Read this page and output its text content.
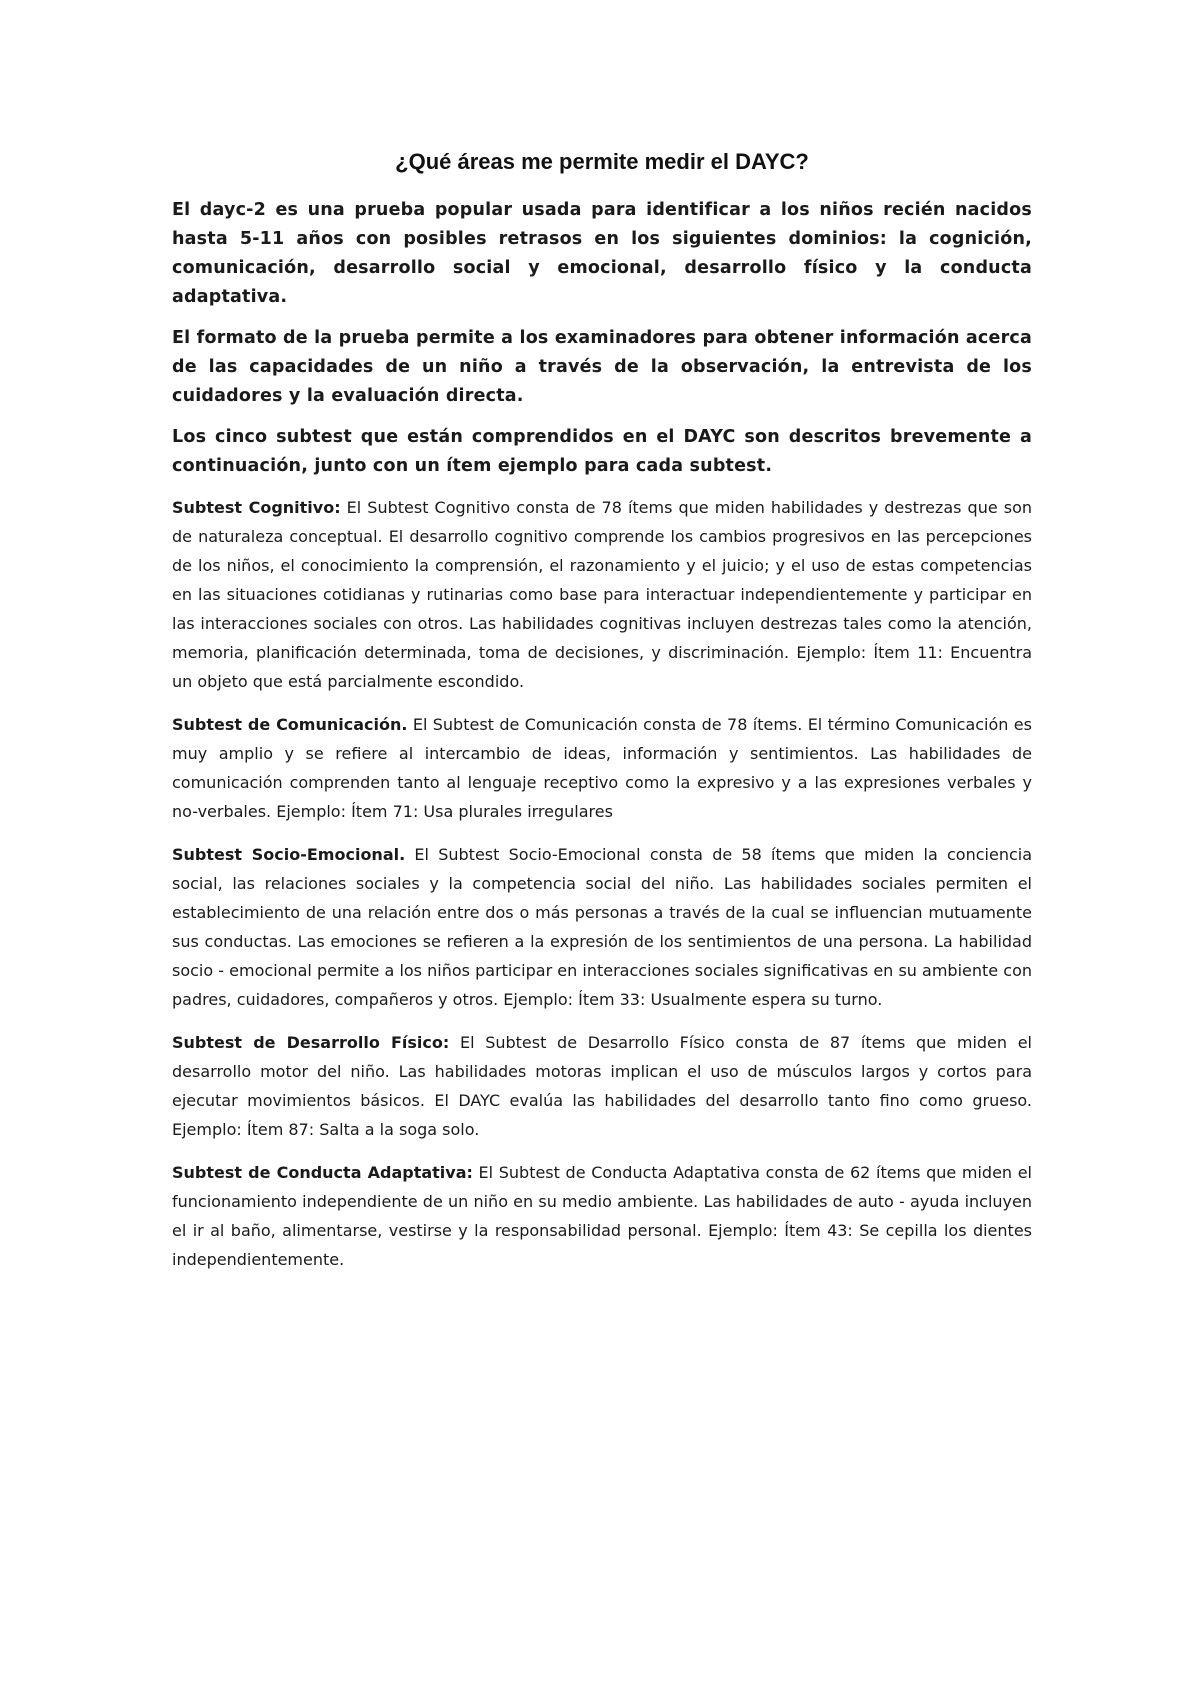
¿Qué áreas me permite medir el DAYC?

El dayc-2 es una prueba popular usada para identificar a los niños recién nacidos hasta 5-11 años con posibles retrasos en los siguientes dominios: la cognición, comunicación, desarrollo social y emocional, desarrollo físico y la conducta adaptativa.

El formato de la prueba permite a los examinadores para obtener información acerca de las capacidades de un niño a través de la observación, la entrevista de los cuidadores y la evaluación directa.

Los cinco subtest que están comprendidos en el DAYC son descritos brevemente a continuación, junto con un ítem ejemplo para cada subtest.

Subtest Cognitivo: El Subtest Cognitivo consta de 78 ítems que miden habilidades y destrezas que son de naturaleza conceptual. El desarrollo cognitivo comprende los cambios progresivos en las percepciones de los niños, el conocimiento la comprensión, el razonamiento y el juicio; y el uso de estas competencias en las situaciones cotidianas y rutinarias como base para interactuar independientemente y participar en las interacciones sociales con otros. Las habilidades cognitivas incluyen destrezas tales como la atención, memoria, planificación determinada, toma de decisiones, y discriminación. Ejemplo: Ítem 11: Encuentra un objeto que está parcialmente escondido.

Subtest de Comunicación. El Subtest de Comunicación consta de 78 ítems. El término Comunicación es muy amplio y se refiere al intercambio de ideas, información y sentimientos. Las habilidades de comunicación comprenden tanto al lenguaje receptivo como la expresivo y a las expresiones verbales y no-verbales. Ejemplo: Ítem 71: Usa plurales irregulares

Subtest Socio-Emocional. El Subtest Socio-Emocional consta de 58 ítems que miden la conciencia social, las relaciones sociales y la competencia social del niño. Las habilidades sociales permiten el establecimiento de una relación entre dos o más personas a través de la cual se influencian mutuamente sus conductas. Las emociones se refieren a la expresión de los sentimientos de una persona. La habilidad socio - emocional permite a los niños participar en interacciones sociales significativas en su ambiente con padres, cuidadores, compañeros y otros. Ejemplo: Ítem 33: Usualmente espera su turno.

Subtest de Desarrollo Físico: El Subtest de Desarrollo Físico consta de 87 ítems que miden el desarrollo motor del niño. Las habilidades motoras implican el uso de músculos largos y cortos para ejecutar movimientos básicos. El DAYC evalúa las habilidades del desarrollo tanto fino como grueso. Ejemplo: Ítem 87: Salta a la soga solo.

Subtest de Conducta Adaptativa: El Subtest de Conducta Adaptativa consta de 62 ítems que miden el funcionamiento independiente de un niño en su medio ambiente. Las habilidades de auto - ayuda incluyen el ir al baño, alimentarse, vestirse y la responsabilidad personal. Ejemplo: Ítem 43: Se cepilla los dientes independientemente.
